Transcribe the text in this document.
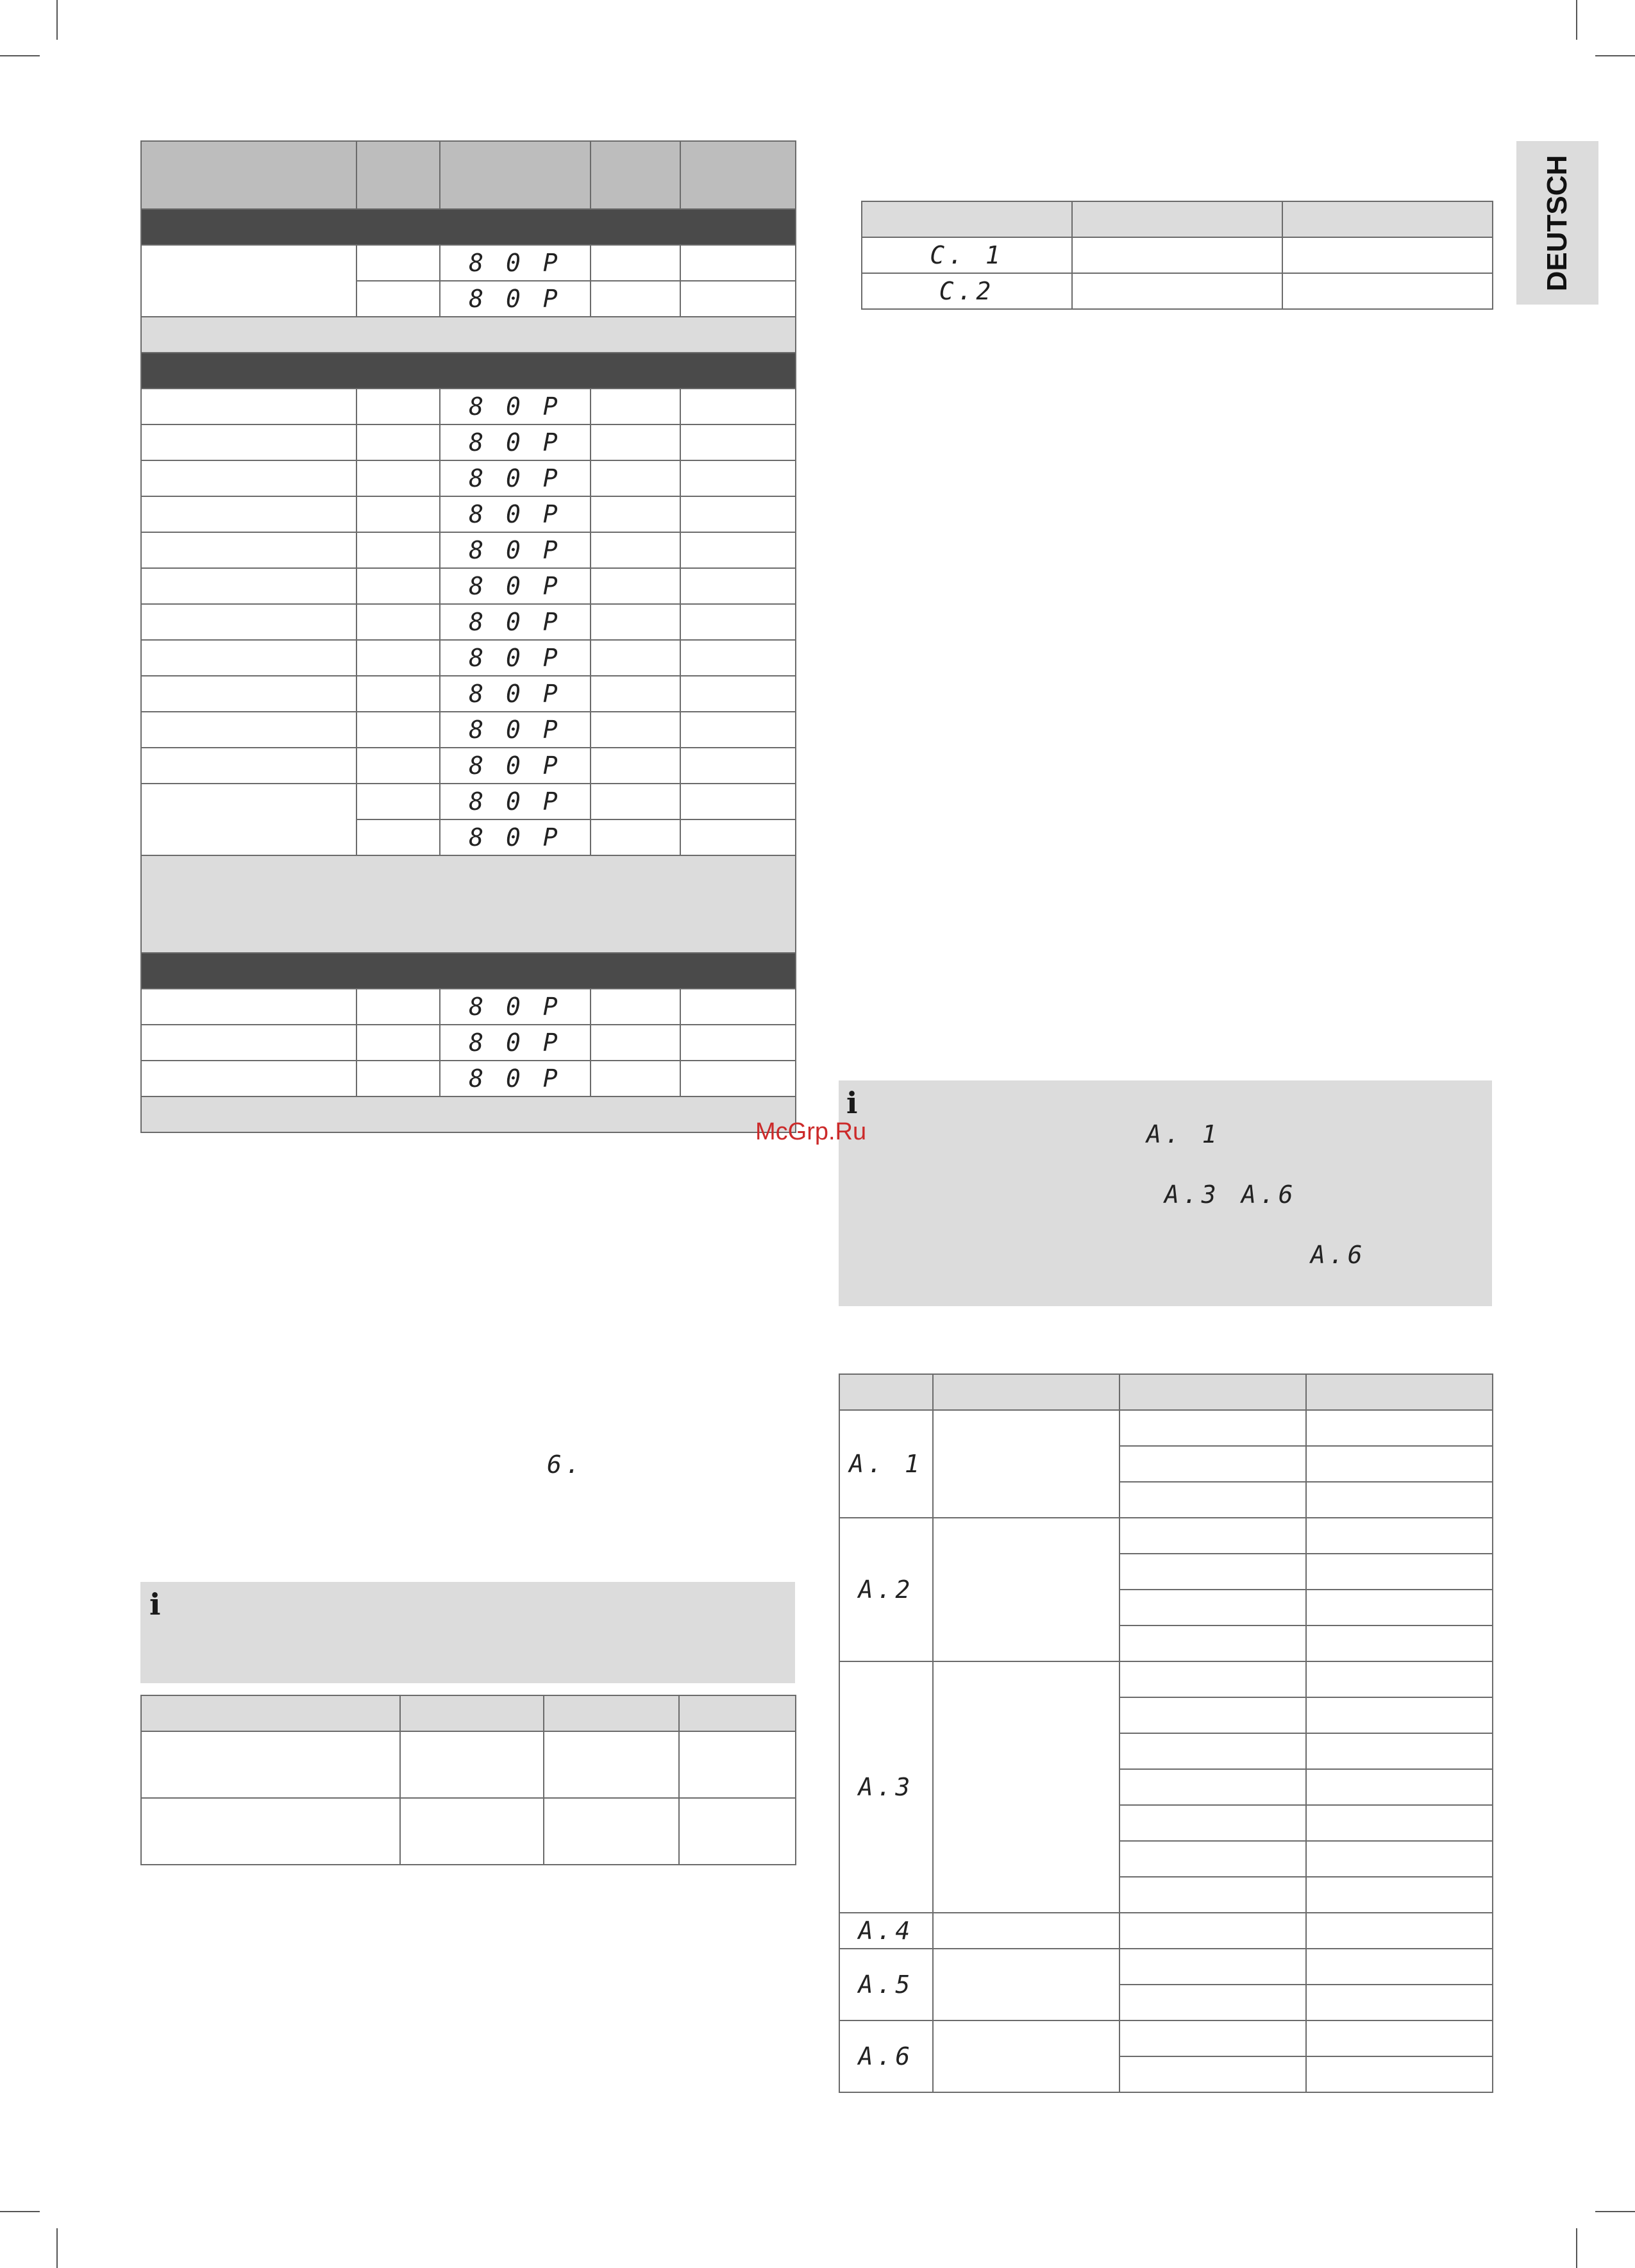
DEUTSCH

		8 0 P		
		8 0 P		

		8 0 P		
		8 0 P		
		8 0 P		
		8 0 P		
		8 0 P		
		8 0 P		
		8 0 P		
		8 0 P		
		8 0 P		
		8 0 P		
		8 0 P		
		8 0 P		
		8 0 P		

		8 0 P		
		8 0 P		
		8 0 P		

6.
i

C. 1		
C.2		
i
A. 1
A.3 A.6
A.6

A. 1			

A.2			

A.3			

A.4			
A.5			

A.6			

McGrp.Ru
